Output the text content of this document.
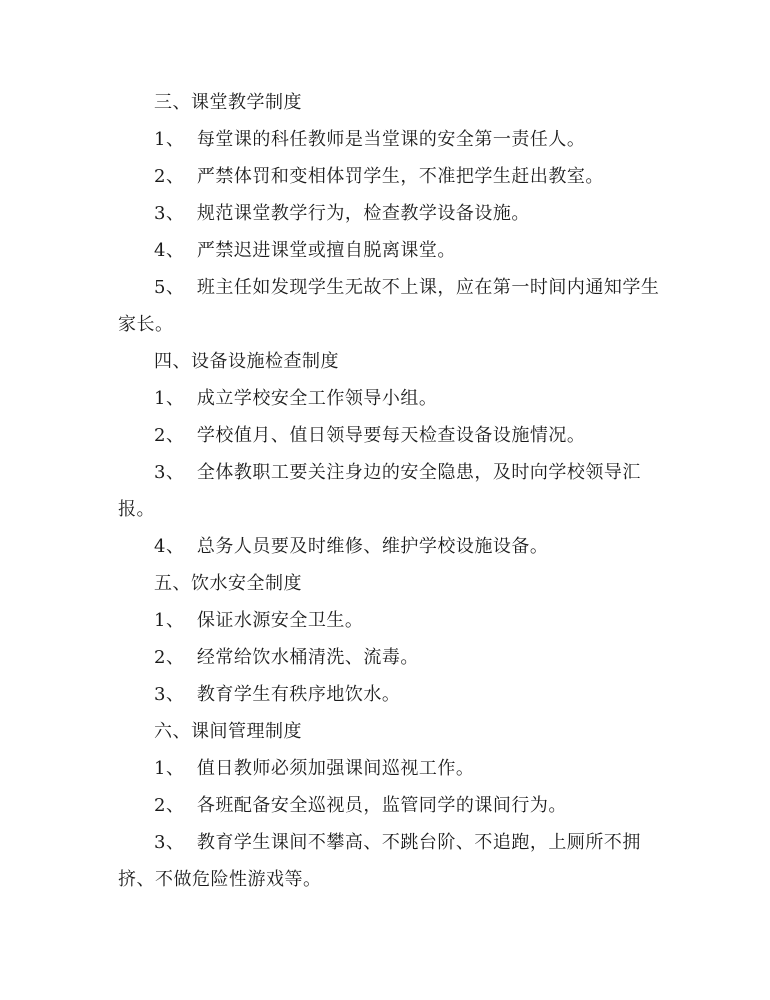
三、课堂教学制度

1、  每堂课的科任教师是当堂课的安全第一责任人。

2、  严禁体罚和变相体罚学生，不准把学生赶出教室。

3、  规范课堂教学行为，检查教学设备设施。

4、  严禁迟进课堂或擅自脱离课堂。

5、  班主任如发现学生无故不上课，应在第一时间内通知学生家长。

四、设备设施检查制度

1、  成立学校安全工作领导小组。

2、  学校值月、值日领导要每天检查设备设施情况。

3、  全体教职工要关注身边的安全隐患，及时向学校领导汇报。

4、  总务人员要及时维修、维护学校设施设备。

五、饮水安全制度

1、  保证水源安全卫生。

2、  经常给饮水桶清洗、流毒。

3、  教育学生有秩序地饮水。

六、课间管理制度

1、  值日教师必须加强课间巡视工作。

2、  各班配备安全巡视员，监管同学的课间行为。

3、  教育学生课间不攀高、不跳台阶、不追跑，上厕所不拥挤、不做危险性游戏等。
